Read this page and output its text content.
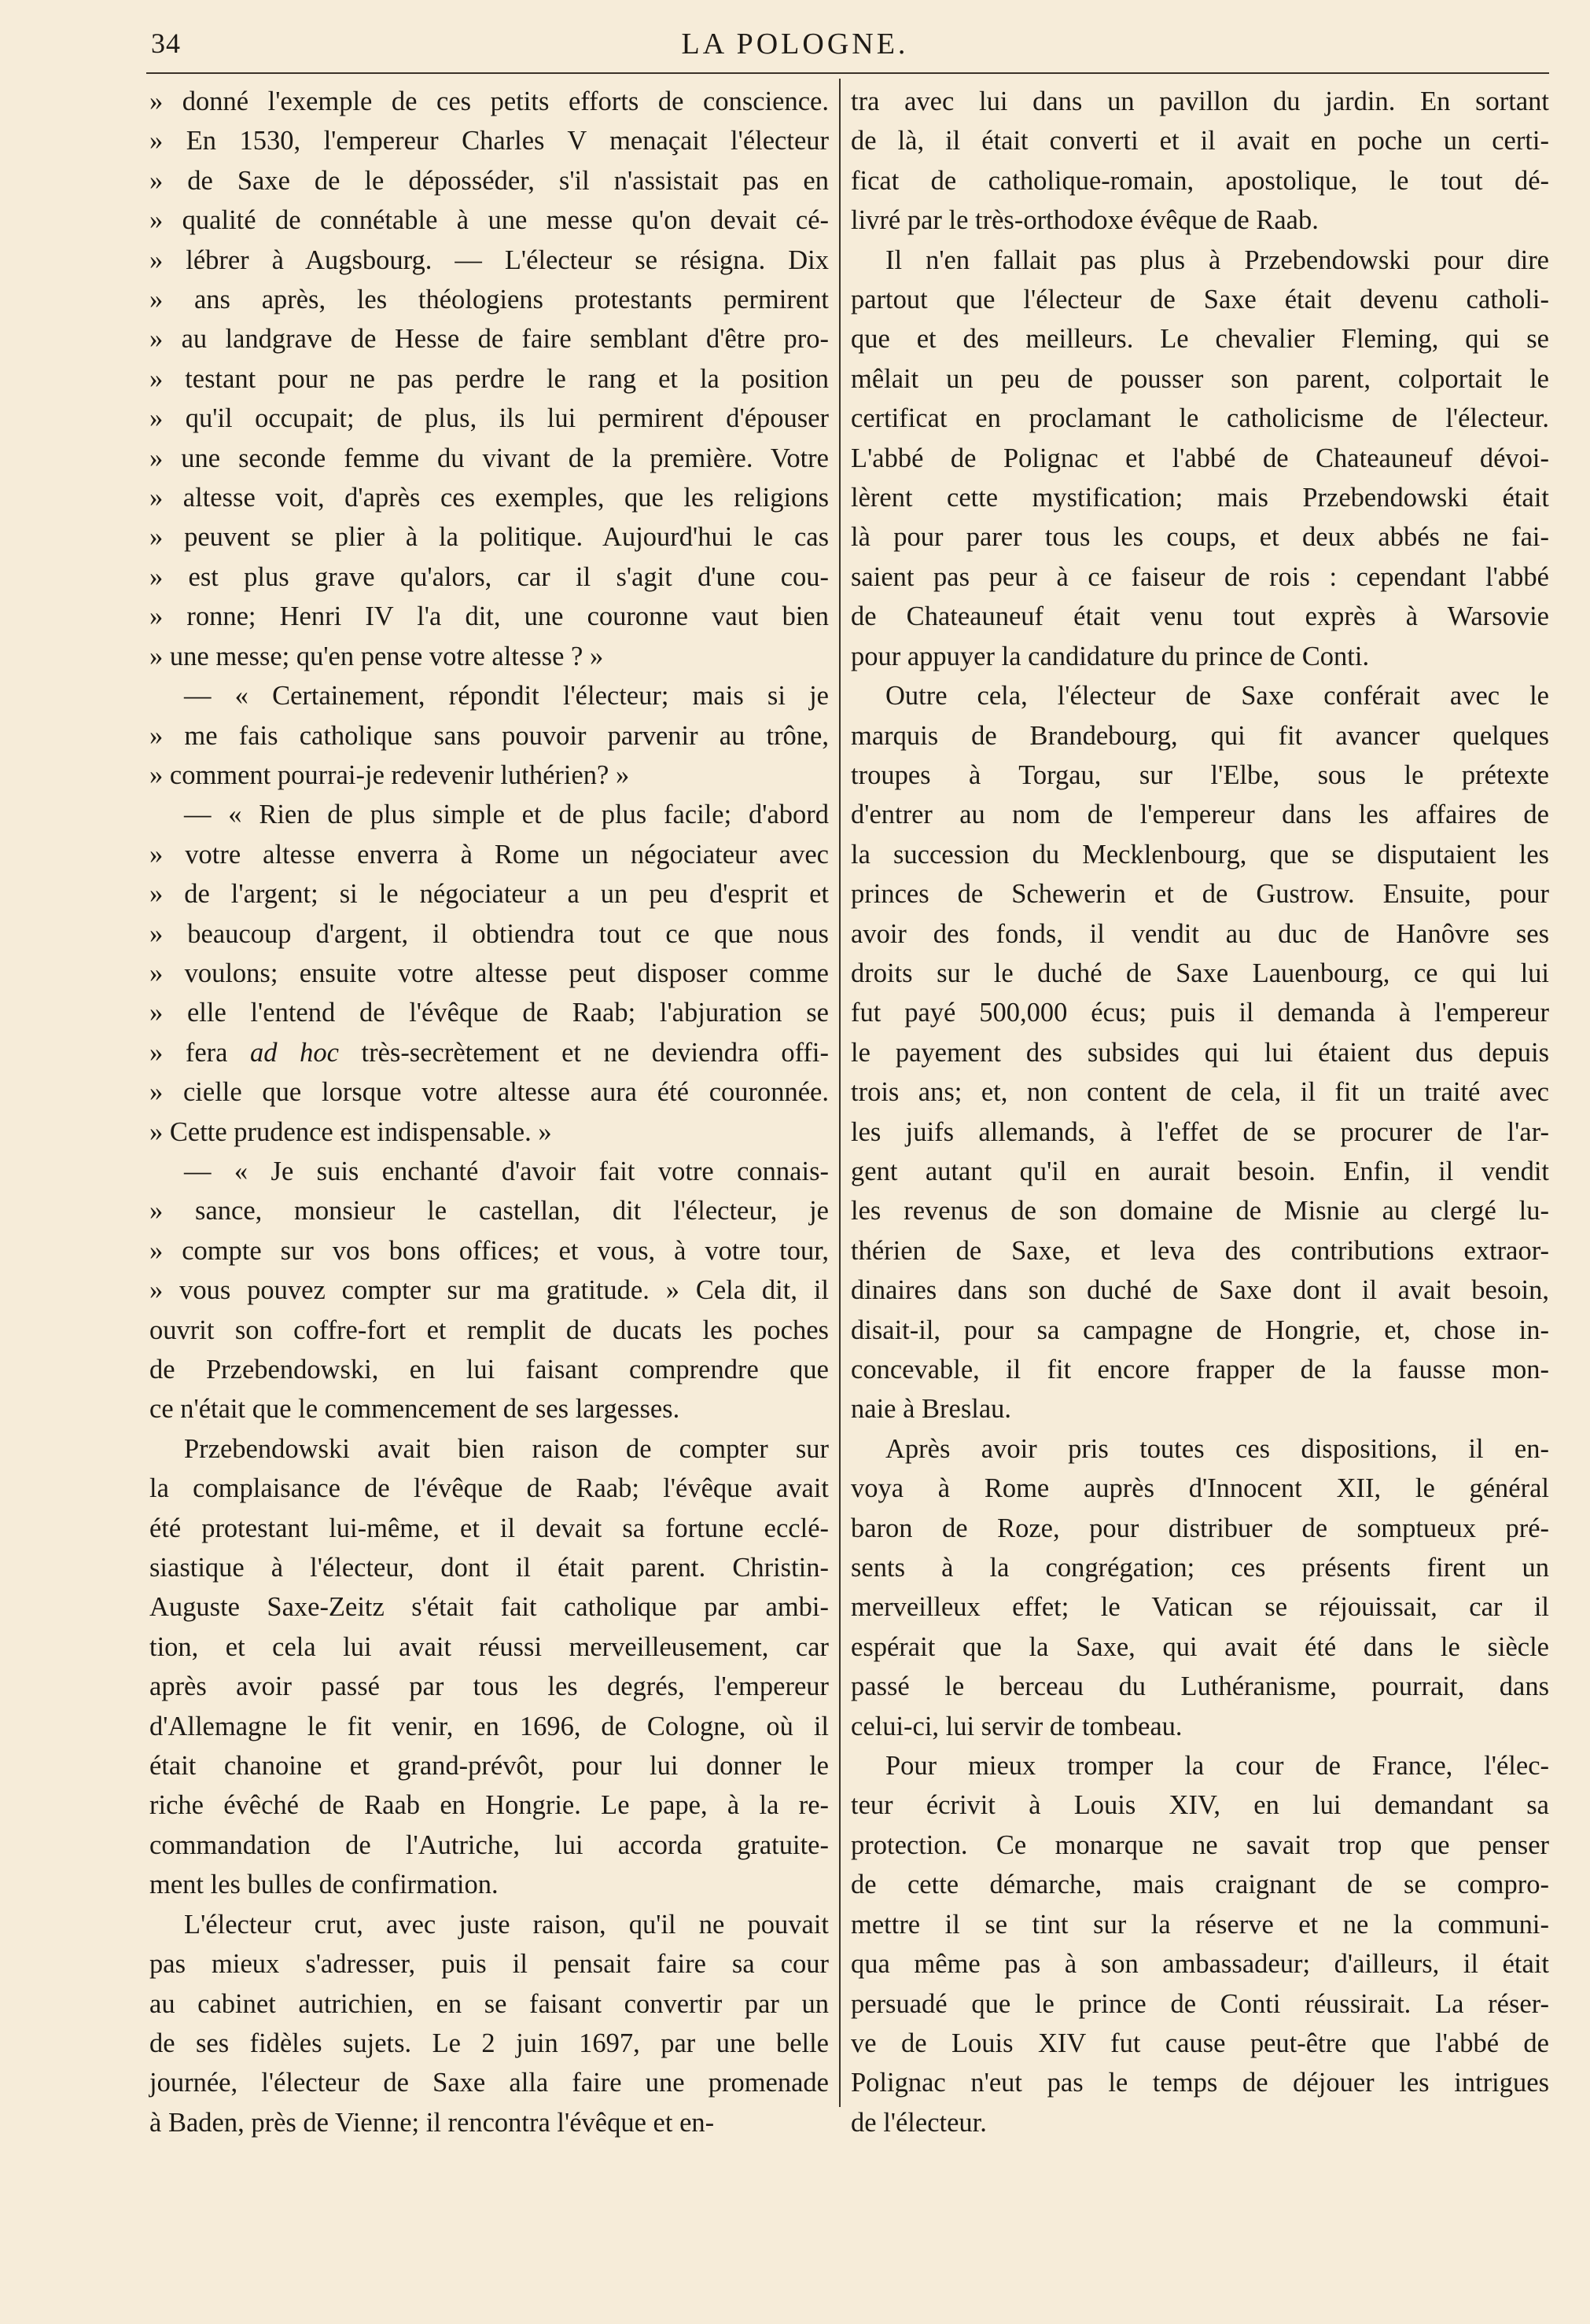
34	LA POLOGNE.
» donné l'exemple de ces petits efforts de conscience.
» En 1530, l'empereur Charles V menaçait l'électeur
» de Saxe de le déposséder, s'il n'assistait pas en
» qualité de connétable à une messe qu'on devait cé-
» lébrer à Augsbourg. — L'électeur se résigna. Dix
» ans après, les théologiens protestants permirent
» au landgrave de Hesse de faire semblant d'être pro-
» testant pour ne pas perdre le rang et la position
» qu'il occupait; de plus, ils lui permirent d'épouser
» une seconde femme du vivant de la première. Votre
» altesse voit, d'après ces exemples, que les religions
» peuvent se plier à la politique. Aujourd'hui le cas
» est plus grave qu'alors, car il s'agit d'une cou-
» ronne; Henri IV l'a dit, une couronne vaut bien
» une messe; qu'en pense votre altesse ? »
— « Certainement, répondit l'électeur; mais si je
» me fais catholique sans pouvoir parvenir au trône,
» comment pourrai-je redevenir luthérien? »
— « Rien de plus simple et de plus facile; d'abord
» votre altesse enverra à Rome un négociateur avec
» de l'argent; si le négociateur a un peu d'esprit et
» beaucoup d'argent, il obtiendra tout ce que nous
» voulons; ensuite votre altesse peut disposer comme
» elle l'entend de l'évêque de Raab; l'abjuration se
» fera ad hoc très-secrètement et ne deviendra offi-
» cielle que lorsque votre altesse aura été couronnée.
» Cette prudence est indispensable. »
— « Je suis enchanté d'avoir fait votre connais-
» sance, monsieur le castellan, dit l'électeur, je
» compte sur vos bons offices; et vous, à votre tour,
» vous pouvez compter sur ma gratitude. » Cela dit, il
ouvrit son coffre-fort et remplit de ducats les poches
de Przebendowski, en lui faisant comprendre que
ce n'était que le commencement de ses largesses.
Przebendowski avait bien raison de compter sur
la complaisance de l'évêque de Raab; l'évêque avait
été protestant lui-même, et il devait sa fortune ecclé-
siastique à l'électeur, dont il était parent. Christin-
Auguste Saxe-Zeitz s'était fait catholique par ambi-
tion, et cela lui avait réussi merveilleusement, car
après avoir passé par tous les degrés, l'empereur
d'Allemagne le fit venir, en 1696, de Cologne, où il
était chanoine et grand-prévôt, pour lui donner le
riche évêché de Raab en Hongrie. Le pape, à la re-
commandation de l'Autriche, lui accorda gratuite-
ment les bulles de confirmation.
L'électeur crut, avec juste raison, qu'il ne pouvait
pas mieux s'adresser, puis il pensait faire sa cour
au cabinet autrichien, en se faisant convertir par un
de ses fidèles sujets. Le 2 juin 1697, par une belle
journée, l'électeur de Saxe alla faire une promenade
à Baden, près de Vienne; il rencontra l'évêque et en-
tra avec lui dans un pavillon du jardin. En sortant
de là, il était converti et il avait en poche un certi-
ficat de catholique-romain, apostolique, le tout dé-
livré par le très-orthodoxe évêque de Raab.
Il n'en fallait pas plus à Przebendowski pour dire
partout que l'électeur de Saxe était devenu catholi-
que et des meilleurs. Le chevalier Fleming, qui se
mêlait un peu de pousser son parent, colportait le
certificat en proclamant le catholicisme de l'électeur.
L'abbé de Polignac et l'abbé de Chateauneuf dévoi-
lèrent cette mystification; mais Przebendowski était
là pour parer tous les coups, et deux abbés ne fai-
saient pas peur à ce faiseur de rois : cependant l'abbé
de Chateauneuf était venu tout exprès à Warsovie
pour appuyer la candidature du prince de Conti.
Outre cela, l'électeur de Saxe conférait avec le
marquis de Brandebourg, qui fit avancer quelques
troupes à Torgau, sur l'Elbe, sous le prétexte
d'entrer au nom de l'empereur dans les affaires de
la succession du Mecklenbourg, que se disputaient les
princes de Schewerin et de Gustrow. Ensuite, pour
avoir des fonds, il vendit au duc de Hanôvre ses
droits sur le duché de Saxe Lauenbourg, ce qui lui
fut payé 500,000 écus; puis il demanda à l'empereur
le payement des subsides qui lui étaient dus depuis
trois ans; et, non content de cela, il fit un traité avec
les juifs allemands, à l'effet de se procurer de l'ar-
gent autant qu'il en aurait besoin. Enfin, il vendit
les revenus de son domaine de Misnie au clergé lu-
thérien de Saxe, et leva des contributions extraor-
dinaires dans son duché de Saxe dont il avait besoin,
disait-il, pour sa campagne de Hongrie, et, chose in-
concevable, il fit encore frapper de la fausse mon-
naie à Breslau.
Après avoir pris toutes ces dispositions, il en-
voya à Rome auprès d'Innocent XII, le général
baron de Roze, pour distribuer de somptueux pré-
sents à la congrégation; ces présents firent un
merveilleux effet; le Vatican se réjouissait, car il
espérait que la Saxe, qui avait été dans le siècle
passé le berceau du Luthéranisme, pourrait, dans
celui-ci, lui servir de tombeau.
Pour mieux tromper la cour de France, l'élec-
teur écrivit à Louis XIV, en lui demandant sa
protection. Ce monarque ne savait trop que penser
de cette démarche, mais craignant de se compro-
mettre il se tint sur la réserve et ne la communi-
qua même pas à son ambassadeur; d'ailleurs, il était
persuadé que le prince de Conti réussirait. La réser-
ve de Louis XIV fut cause peut-être que l'abbé de
Polignac n'eut pas le temps de déjouer les intrigues
de l'électeur.
